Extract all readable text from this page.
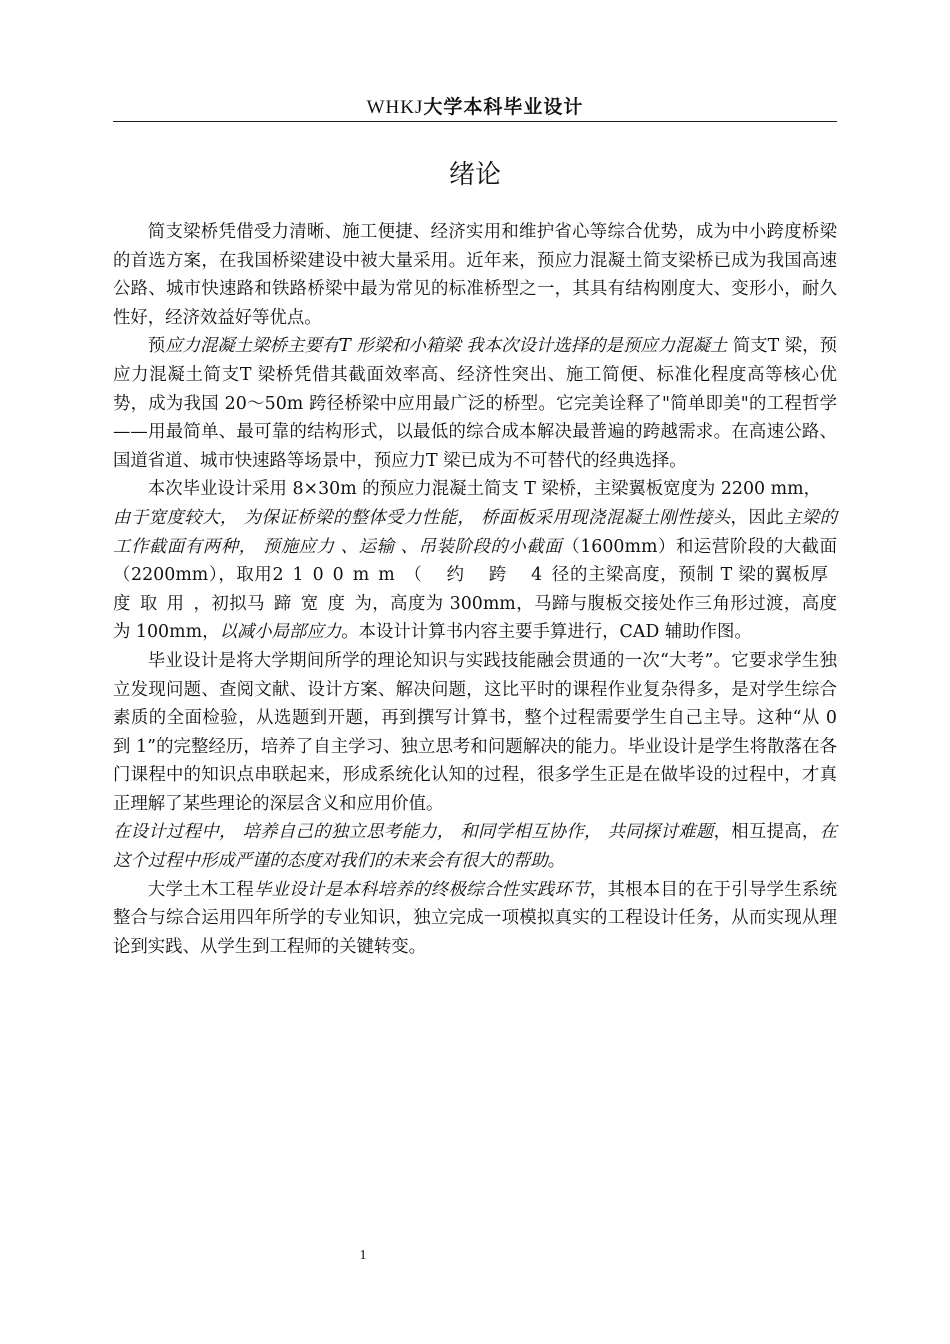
WHKJ大学本科毕业设计
绪论

简支梁桥凭借受力清晰、施工便捷、经济实用和维护省心等综合优势，成为中小跨度桥梁的首选方案，在我国桥梁建设中被大量采用。近年来，预应力混凝土简支梁桥已成为我国高速公路、城市快速路和铁路桥梁中最为常见的标准桥型之一，其具有结构刚度大、变形小，耐久性好，经济效益好等优点。

预应力混凝土梁桥主要有T 形梁和小箱梁 我本次设计选择的是预应力混凝土 简支T 梁，预应力混凝土简支T 梁桥凭借其截面效率高、经济性突出、施工简便、标准化程度高等核心优势，成为我国 20～50m 跨径桥梁中应用最广泛的桥型。它完美诠释了"简单即美"的工程哲学——用最简单、最可靠的结构形式，以最低的综合成本解决最普遍的跨越需求。在高速公路、国道省道、城市快速路等场景中，预应力T 梁已成为不可替代的经典选择。

本次毕业设计采用 8×30m 的预应力混凝土简支 T 梁桥，主梁翼板宽度为 2200 mm，

由于宽度较大， 为保证桥梁的整体受力性能， 桥面板采用现浇混凝土刚性接头，因此主梁的工作截面有两种， 预施应力 、运输 、吊装阶段的小截面（1600mm）和运营阶段的大截面（2200mm），取用2100mm（ 约 跨 4径的主梁高度，预制 T 梁的翼板厚度取用，初拟马蹄宽度为，高度为 300mm，马蹄与腹板交接处作三角形过渡，高度为 100mm，以减小局部应力。本设计计算书内容主要手算进行，CAD 辅助作图。

毕业设计是将大学期间所学的理论知识与实践技能融会贯通的一次“大考”。它要求学生独立发现问题、查阅文献、设计方案、解决问题，这比平时的课程作业复杂得多，是对学生综合素质的全面检验，从选题到开题，再到撰写计算书，整个过程需要学生自己主导。这种“从 0 到 1”的完整经历，培养了自主学习、独立思考和问题解决的能力。毕业设计是学生将散落在各门课程中的知识点串联起来，形成系统化认知的过程，很多学生正是在做毕设的过程中，才真正理解了某些理论的深层含义和应用价值。

在设计过程中， 培养自己的独立思考能力， 和同学相互协作， 共同探讨难题，相互提高，在这个过程中形成严谨的态度对我们的未来会有很大的帮助。

大学土木工程毕业设计是本科培养的终极综合性实践环节，其根本目的在于引导学生系统整合与综合运用四年所学的专业知识，独立完成一项模拟真实的工程设计任务，从而实现从理论到实践、从学生到工程师的关键转变。

1
